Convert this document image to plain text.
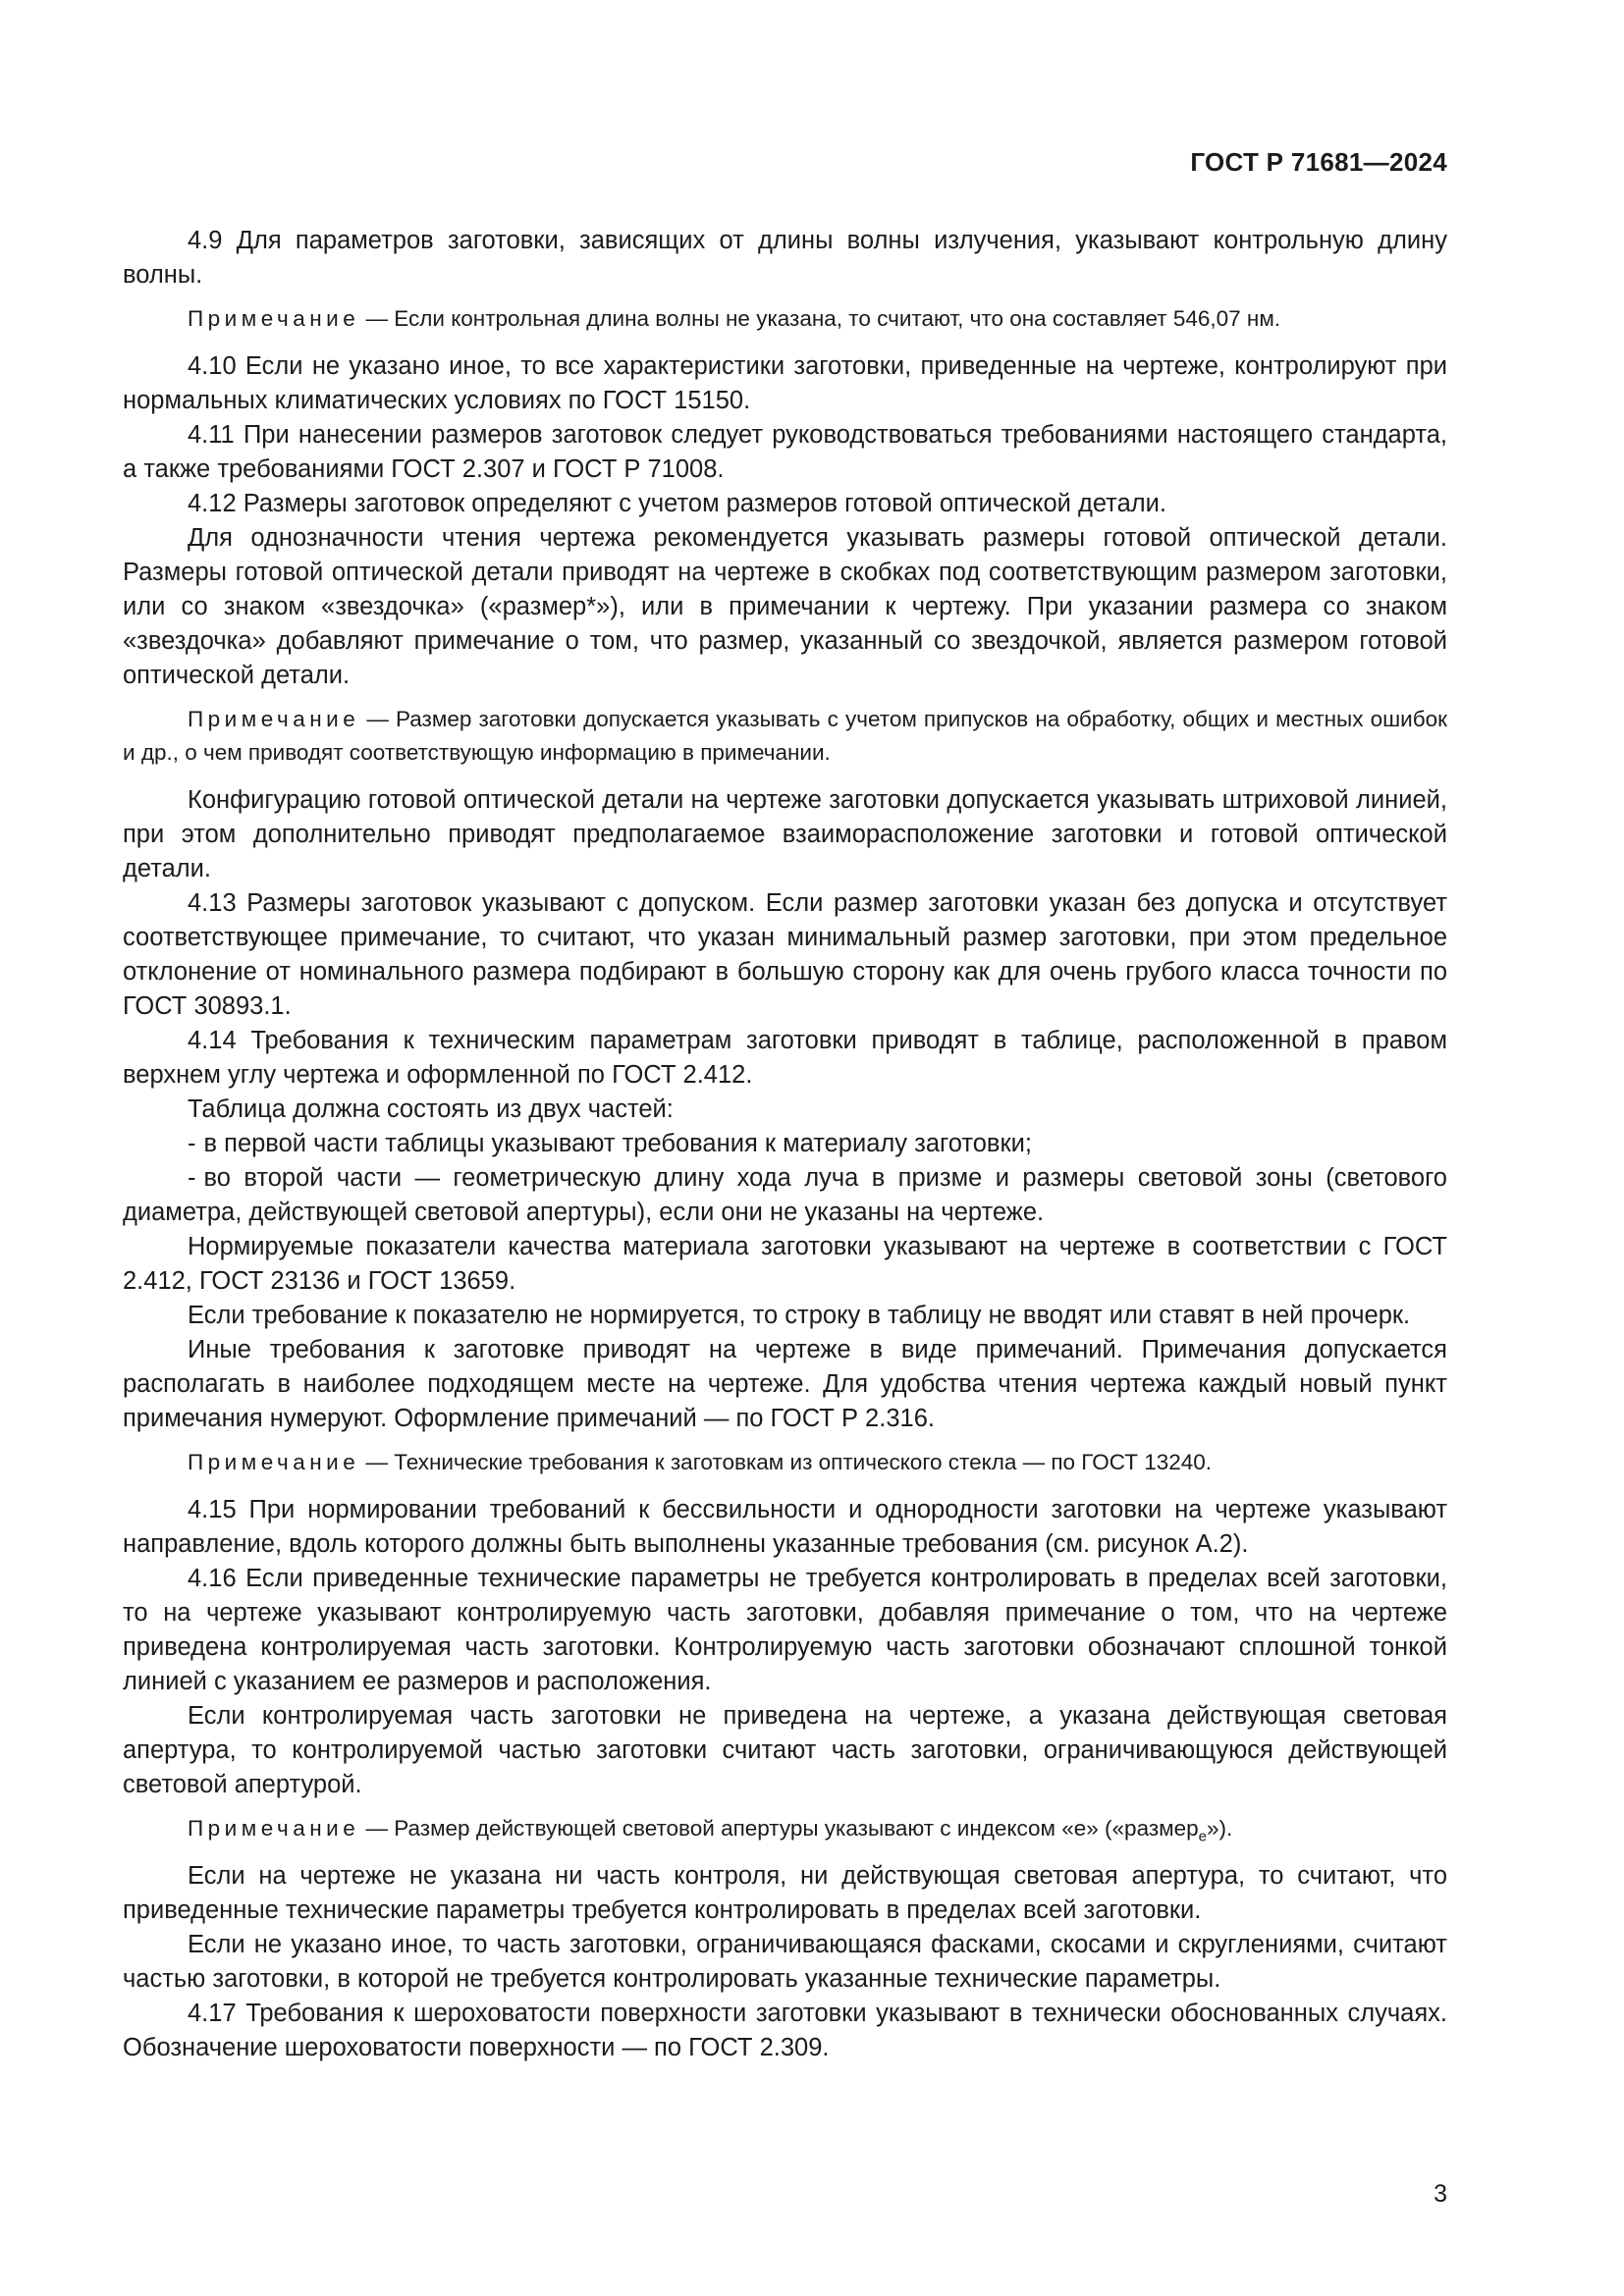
ГОСТ Р 71681—2024

4.9 Для параметров заготовки, зависящих от длины волны излучения, указывают контрольную длину волны.

Примечание — Если контрольная длина волны не указана, то считают, что она составляет 546,07 нм.

4.10 Если не указано иное, то все характеристики заготовки, приведенные на чертеже, контролируют при нормальных климатических условиях по ГОСТ 15150.

4.11 При нанесении размеров заготовок следует руководствоваться требованиями настоящего стандарта, а также требованиями ГОСТ 2.307 и ГОСТ Р 71008.

4.12 Размеры заготовок определяют с учетом размеров готовой оптической детали.

Для однозначности чтения чертежа рекомендуется указывать размеры готовой оптической детали. Размеры готовой оптической детали приводят на чертеже в скобках под соответствующим размером заготовки, или со знаком «звездочка» («размер*»), или в примечании к чертежу. При указании размера со знаком «звездочка» добавляют примечание о том, что размер, указанный со звездочкой, является размером готовой оптической детали.

Примечание — Размер заготовки допускается указывать с учетом припусков на обработку, общих и местных ошибок и др., о чем приводят соответствующую информацию в примечании.

Конфигурацию готовой оптической детали на чертеже заготовки допускается указывать штриховой линией, при этом дополнительно приводят предполагаемое взаиморасположение заготовки и готовой оптической детали.

4.13 Размеры заготовок указывают с допуском. Если размер заготовки указан без допуска и отсутствует соответствующее примечание, то считают, что указан минимальный размер заготовки, при этом предельное отклонение от номинального размера подбирают в большую сторону как для очень грубого класса точности по ГОСТ 30893.1.

4.14 Требования к техническим параметрам заготовки приводят в таблице, расположенной в правом верхнем углу чертежа и оформленной по ГОСТ 2.412.

Таблица должна состоять из двух частей:

- в первой части таблицы указывают требования к материалу заготовки;
- во второй части — геометрическую длину хода луча в призме и размеры световой зоны (светового диаметра, действующей световой апертуры), если они не указаны на чертеже.

Нормируемые показатели качества материала заготовки указывают на чертеже в соответствии с ГОСТ 2.412, ГОСТ 23136 и ГОСТ 13659.

Если требование к показателю не нормируется, то строку в таблицу не вводят или ставят в ней прочерк.

Иные требования к заготовке приводят на чертеже в виде примечаний. Примечания допускается располагать в наиболее подходящем месте на чертеже. Для удобства чтения чертежа каждый новый пункт примечания нумеруют. Оформление примечаний — по ГОСТ Р 2.316.

Примечание — Технические требования к заготовкам из оптического стекла — по ГОСТ 13240.

4.15 При нормировании требований к бессвильности и однородности заготовки на чертеже указывают направление, вдоль которого должны быть выполнены указанные требования (см. рисунок А.2).

4.16 Если приведенные технические параметры не требуется контролировать в пределах всей заготовки, то на чертеже указывают контролируемую часть заготовки, добавляя примечание о том, что на чертеже приведена контролируемая часть заготовки. Контролируемую часть заготовки обозначают сплошной тонкой линией с указанием ее размеров и расположения.

Если контролируемая часть заготовки не приведена на чертеже, а указана действующая световая апертура, то контролируемой частью заготовки считают часть заготовки, ограничивающуюся действующей световой апертурой.

Примечание — Размер действующей световой апертуры указывают с индексом «е» («размер$_е$»).

Если на чертеже не указана ни часть контроля, ни действующая световая апертура, то считают, что приведенные технические параметры требуется контролировать в пределах всей заготовки.

Если не указано иное, то часть заготовки, ограничивающаяся фасками, скосами и скруглениями, считают частью заготовки, в которой не требуется контролировать указанные технические параметры.

4.17 Требования к шероховатости поверхности заготовки указывают в технически обоснованных случаях. Обозначение шероховатости поверхности — по ГОСТ 2.309.

3
